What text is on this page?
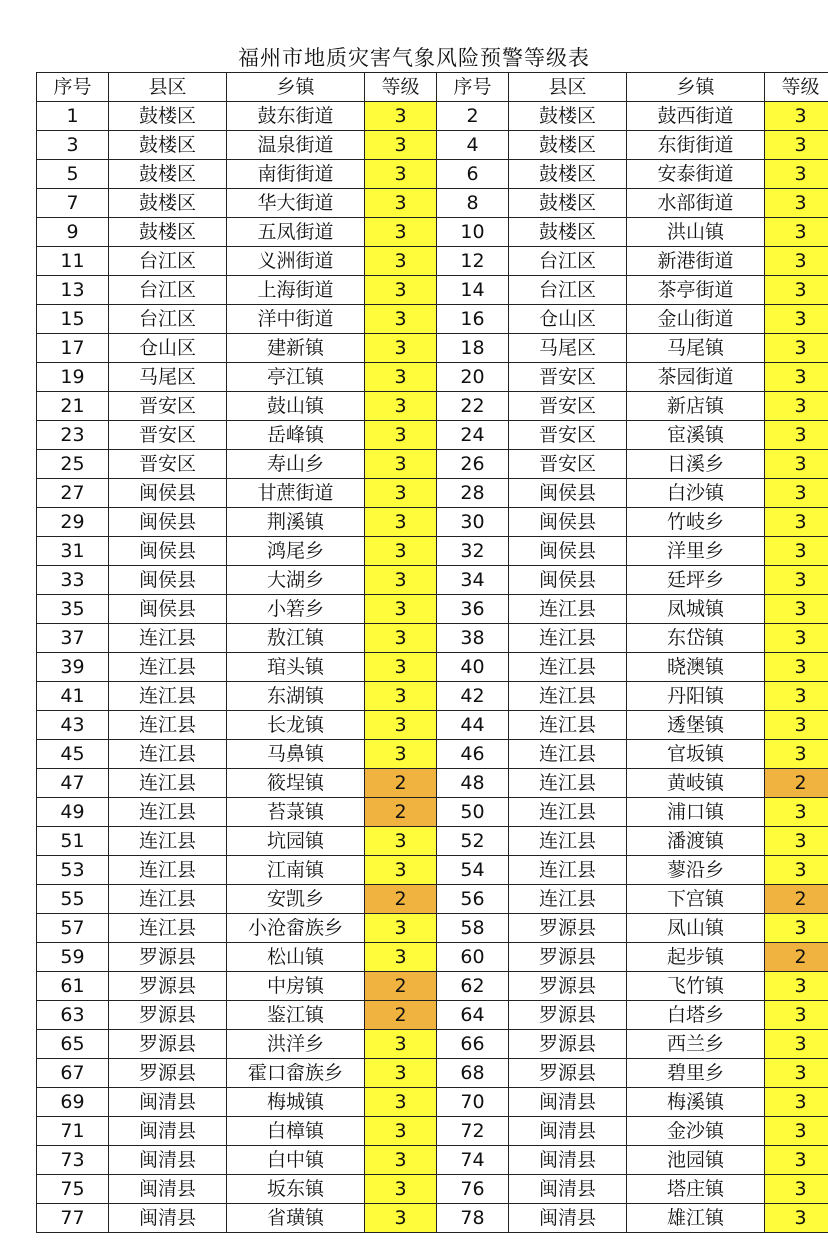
福州市地质灾害气象风险预警等级表
序号	县区	乡镇	等级	序号	县区	乡镇	等级
1	鼓楼区	鼓东街道	3	2	鼓楼区	鼓西街道	3
3	鼓楼区	温泉街道	3	4	鼓楼区	东街街道	3
5	鼓楼区	南街街道	3	6	鼓楼区	安泰街道	3
7	鼓楼区	华大街道	3	8	鼓楼区	水部街道	3
9	鼓楼区	五凤街道	3	10	鼓楼区	洪山镇	3
11	台江区	义洲街道	3	12	台江区	新港街道	3
13	台江区	上海街道	3	14	台江区	茶亭街道	3
15	台江区	洋中街道	3	16	仓山区	金山街道	3
17	仓山区	建新镇	3	18	马尾区	马尾镇	3
19	马尾区	亭江镇	3	20	晋安区	茶园街道	3
21	晋安区	鼓山镇	3	22	晋安区	新店镇	3
23	晋安区	岳峰镇	3	24	晋安区	宦溪镇	3
25	晋安区	寿山乡	3	26	晋安区	日溪乡	3
27	闽侯县	甘蔗街道	3	28	闽侯县	白沙镇	3
29	闽侯县	荆溪镇	3	30	闽侯县	竹岐乡	3
31	闽侯县	鸿尾乡	3	32	闽侯县	洋里乡	3
33	闽侯县	大湖乡	3	34	闽侯县	廷坪乡	3
35	闽侯县	小箬乡	3	36	连江县	凤城镇	3
37	连江县	敖江镇	3	38	连江县	东岱镇	3
39	连江县	琯头镇	3	40	连江县	晓澳镇	3
41	连江县	东湖镇	3	42	连江县	丹阳镇	3
43	连江县	长龙镇	3	44	连江县	透堡镇	3
45	连江县	马鼻镇	3	46	连江县	官坂镇	3
47	连江县	筱埕镇	2	48	连江县	黄岐镇	2
49	连江县	苔菉镇	2	50	连江县	浦口镇	3
51	连江县	坑园镇	3	52	连江县	潘渡镇	3
53	连江县	江南镇	3	54	连江县	蓼沿乡	3
55	连江县	安凯乡	2	56	连江县	下宫镇	2
57	连江县	小沧畲族乡	3	58	罗源县	凤山镇	3
59	罗源县	松山镇	3	60	罗源县	起步镇	2
61	罗源县	中房镇	2	62	罗源县	飞竹镇	3
63	罗源县	鉴江镇	2	64	罗源县	白塔乡	3
65	罗源县	洪洋乡	3	66	罗源县	西兰乡	3
67	罗源县	霍口畲族乡	3	68	罗源县	碧里乡	3
69	闽清县	梅城镇	3	70	闽清县	梅溪镇	3
71	闽清县	白樟镇	3	72	闽清县	金沙镇	3
73	闽清县	白中镇	3	74	闽清县	池园镇	3
75	闽清县	坂东镇	3	76	闽清县	塔庄镇	3
77	闽清县	省璜镇	3	78	闽清县	雄江镇	3
